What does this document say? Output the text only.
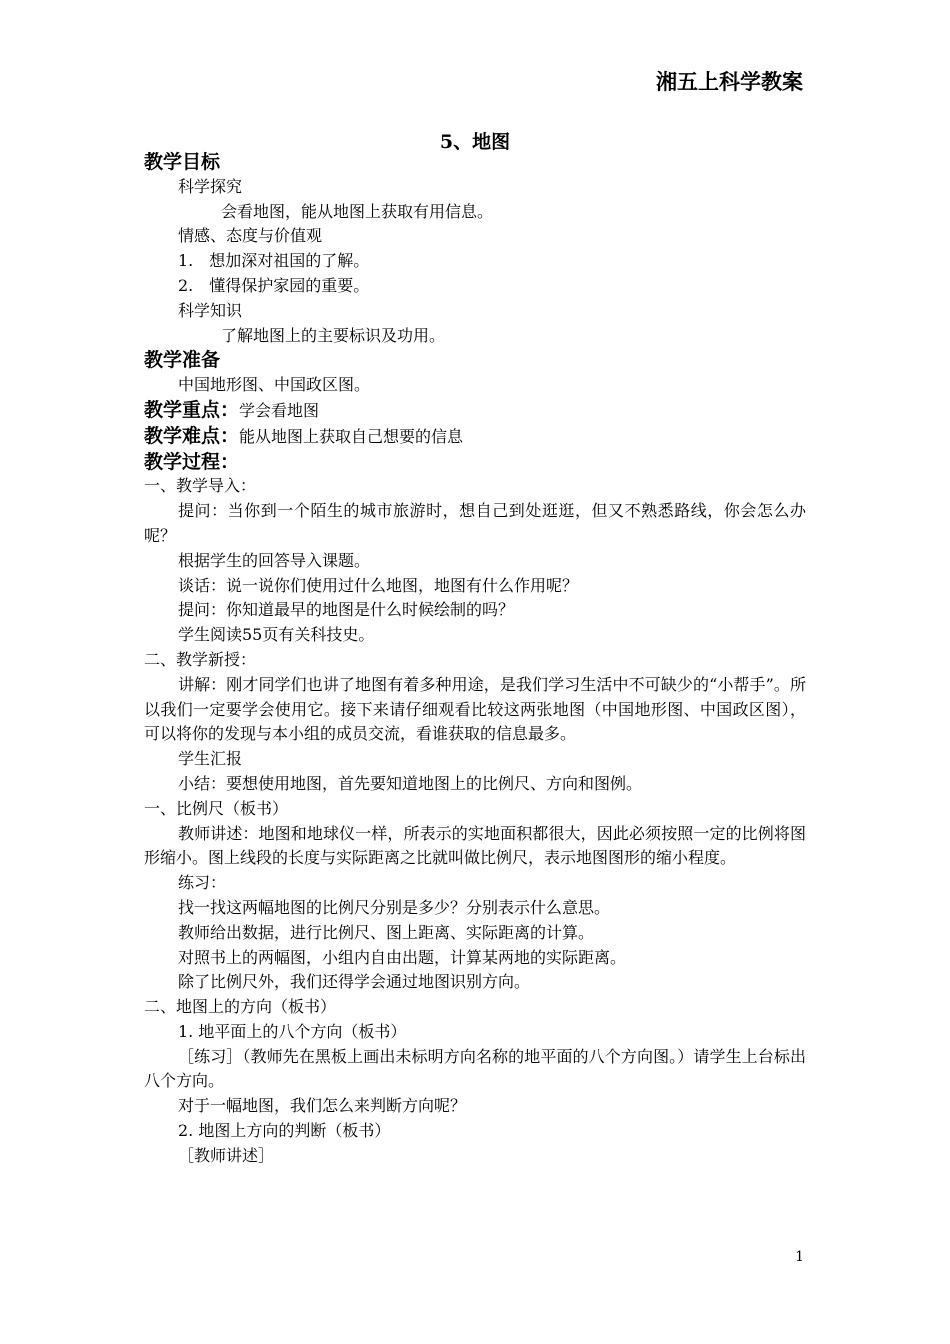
湘五上科学教案
5、地图
教学目标
科学探究
会看地图，能从地图上获取有用信息。
情感、态度与价值观
1.　想加深对祖国的了解。
2.　懂得保护家园的重要。
科学知识
了解地图上的主要标识及功用。
教学准备
中国地形图、中国政区图。
教学重点：学会看地图
教学难点：能从地图上获取自己想要的信息
教学过程：
一、教学导入：
提问：当你到一个陌生的城市旅游时，想自己到处逛逛，但又不熟悉路线，你会怎么办呢？
根据学生的回答导入课题。
谈话：说一说你们使用过什么地图，地图有什么作用呢？
提问：你知道最早的地图是什么时候绘制的吗？
学生阅读55页有关科技史。
二、教学新授：
讲解：刚才同学们也讲了地图有着多种用途，是我们学习生活中不可缺少的“小帮手”。所以我们一定要学会使用它。接下来请仔细观看比较这两张地图（中国地形图、中国政区图），可以将你的发现与本小组的成员交流，看谁获取的信息最多。
学生汇报
小结：要想使用地图，首先要知道地图上的比例尺、方向和图例。
一、比例尺（板书）
教师讲述：地图和地球仪一样，所表示的实地面积都很大，因此必须按照一定的比例将图形缩小。图上线段的长度与实际距离之比就叫做比例尺，表示地图图形的缩小程度。
练习：
找一找这两幅地图的比例尺分别是多少？分别表示什么意思。
教师给出数据，进行比例尺、图上距离、实际距离的计算。
对照书上的两幅图，小组内自由出题，计算某两地的实际距离。
除了比例尺外，我们还得学会通过地图识别方向。
二、地图上的方向（板书）
1. 地平面上的八个方向（板书）
［练习］（教师先在黑板上画出未标明方向名称的地平面的八个方向图。）请学生上台标出八个方向。
对于一幅地图，我们怎么来判断方向呢？
2. 地图上方向的判断（板书）
［教师讲述］
1
